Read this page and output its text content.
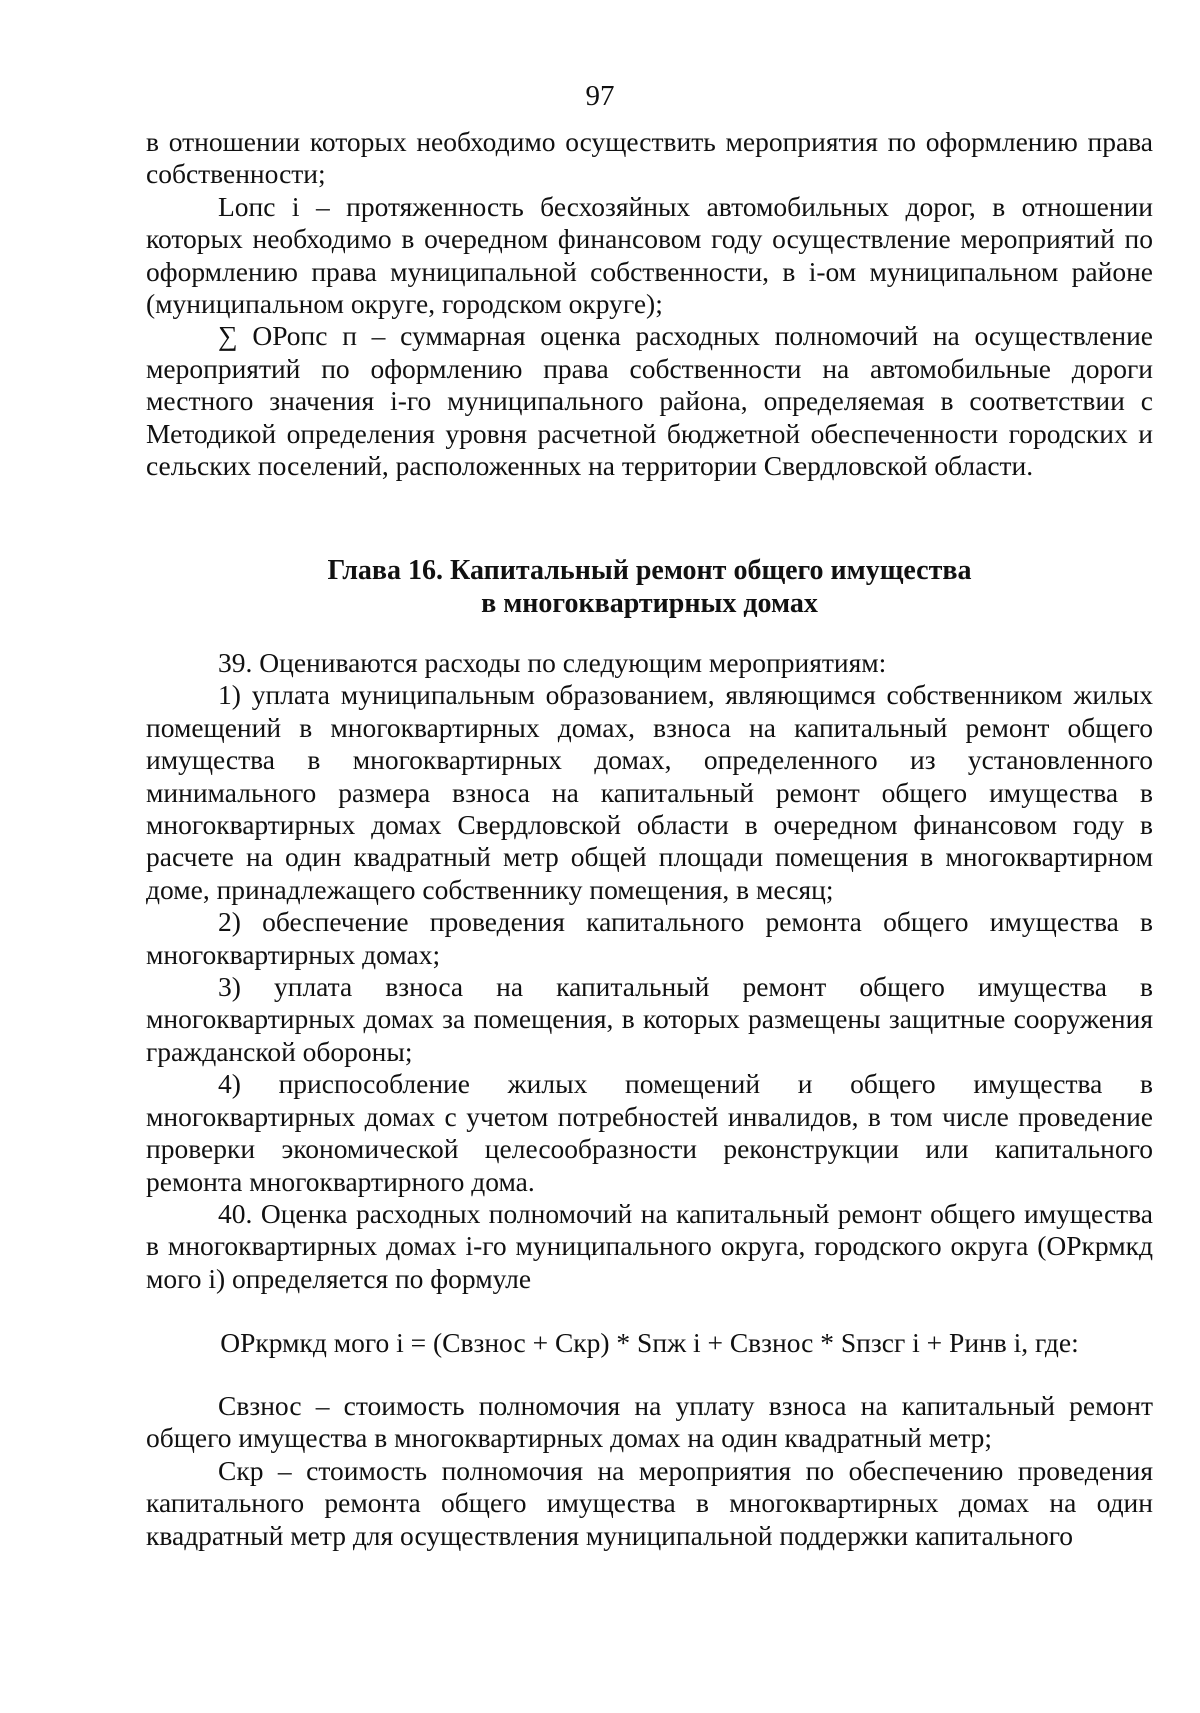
97

в отношении которых необходимо осуществить мероприятия по оформлению права собственности;

Lопс i – протяженность бесхозяйных автомобильных дорог, в отношении которых необходимо в очередном финансовом году осуществление мероприятий по оформлению права муниципальной собственности, в i-ом муниципальном районе (муниципальном округе, городском округе);

∑ ОРопс п – суммарная оценка расходных полномочий на осуществление мероприятий по оформлению права собственности на автомобильные дороги местного значения i-го муниципального района, определяемая в соответствии с Методикой определения уровня расчетной бюджетной обеспеченности городских и сельских поселений, расположенных на территории Свердловской области.

Глава 16. Капитальный ремонт общего имущества
в многоквартирных домах

39. Оцениваются расходы по следующим мероприятиям:

1) уплата муниципальным образованием, являющимся собственником жилых помещений в многоквартирных домах, взноса на капитальный ремонт общего имущества в многоквартирных домах, определенного из установленного минимального размера взноса на капитальный ремонт общего имущества в многоквартирных домах Свердловской области в очередном финансовом году в расчете на один квадратный метр общей площади помещения в многоквартирном доме, принадлежащего собственнику помещения, в месяц;

2) обеспечение проведения капитального ремонта общего имущества в многоквартирных домах;

3) уплата взноса на капитальный ремонт общего имущества в многоквартирных домах за помещения, в которых размещены защитные сооружения гражданской обороны;

4) приспособление жилых помещений и общего имущества в многоквартирных домах с учетом потребностей инвалидов, в том числе проведение проверки экономической целесообразности реконструкции или капитального ремонта многоквартирного дома.

40. Оценка расходных полномочий на капитальный ремонт общего имущества в многоквартирных домах i-го муниципального округа, городского округа (ОРкрмкд мого i) определяется по формуле

ОРкрмкд мого i = (Свзнос + Скр) * Sпж i + Свзнос * Sпзсг i + Ринв i, где:

Свзнос – стоимость полномочия на уплату взноса на капитальный ремонт общего имущества в многоквартирных домах на один квадратный метр;

Скр – стоимость полномочия на мероприятия по обеспечению проведения капитального ремонта общего имущества в многоквартирных домах на один квадратный метр для осуществления муниципальной поддержки капитального
